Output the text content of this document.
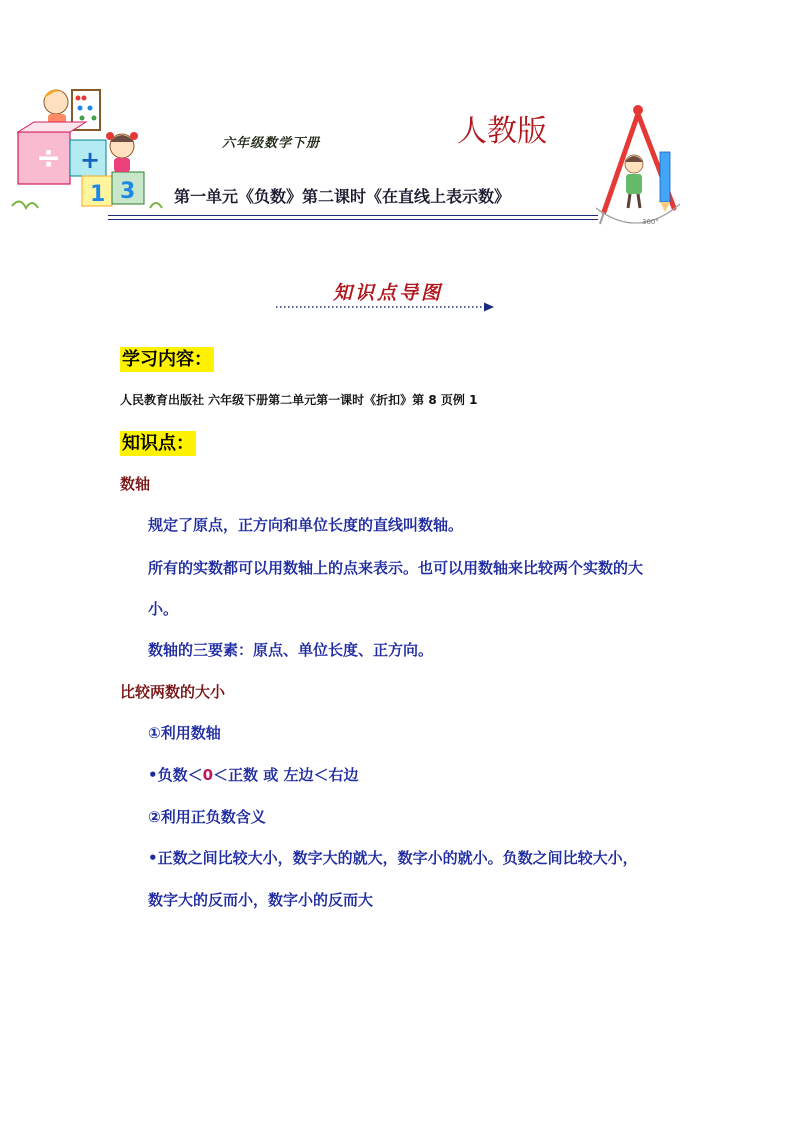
÷ +
1 3
360°
六年级数学下册	人教版
第一单元《负数》第二课时《在直线上表示数》
知识点导图
学习内容：
人民教育出版社 六年级下册第二单元第一课时《折扣》第 8 页例 1
知识点：
数轴
规定了原点，正方向和单位长度的直线叫数轴。
所有的实数都可以用数轴上的点来表示。也可以用数轴来比较两个实数的大
小。
数轴的三要素：原点、单位长度、正方向。
比较两数的大小
①利用数轴
•负数＜0＜正数 或 左边＜右边
②利用正负数含义
•正数之间比较大小，数字大的就大，数字小的就小。负数之间比较大小，
数字大的反而小，数字小的反而大
